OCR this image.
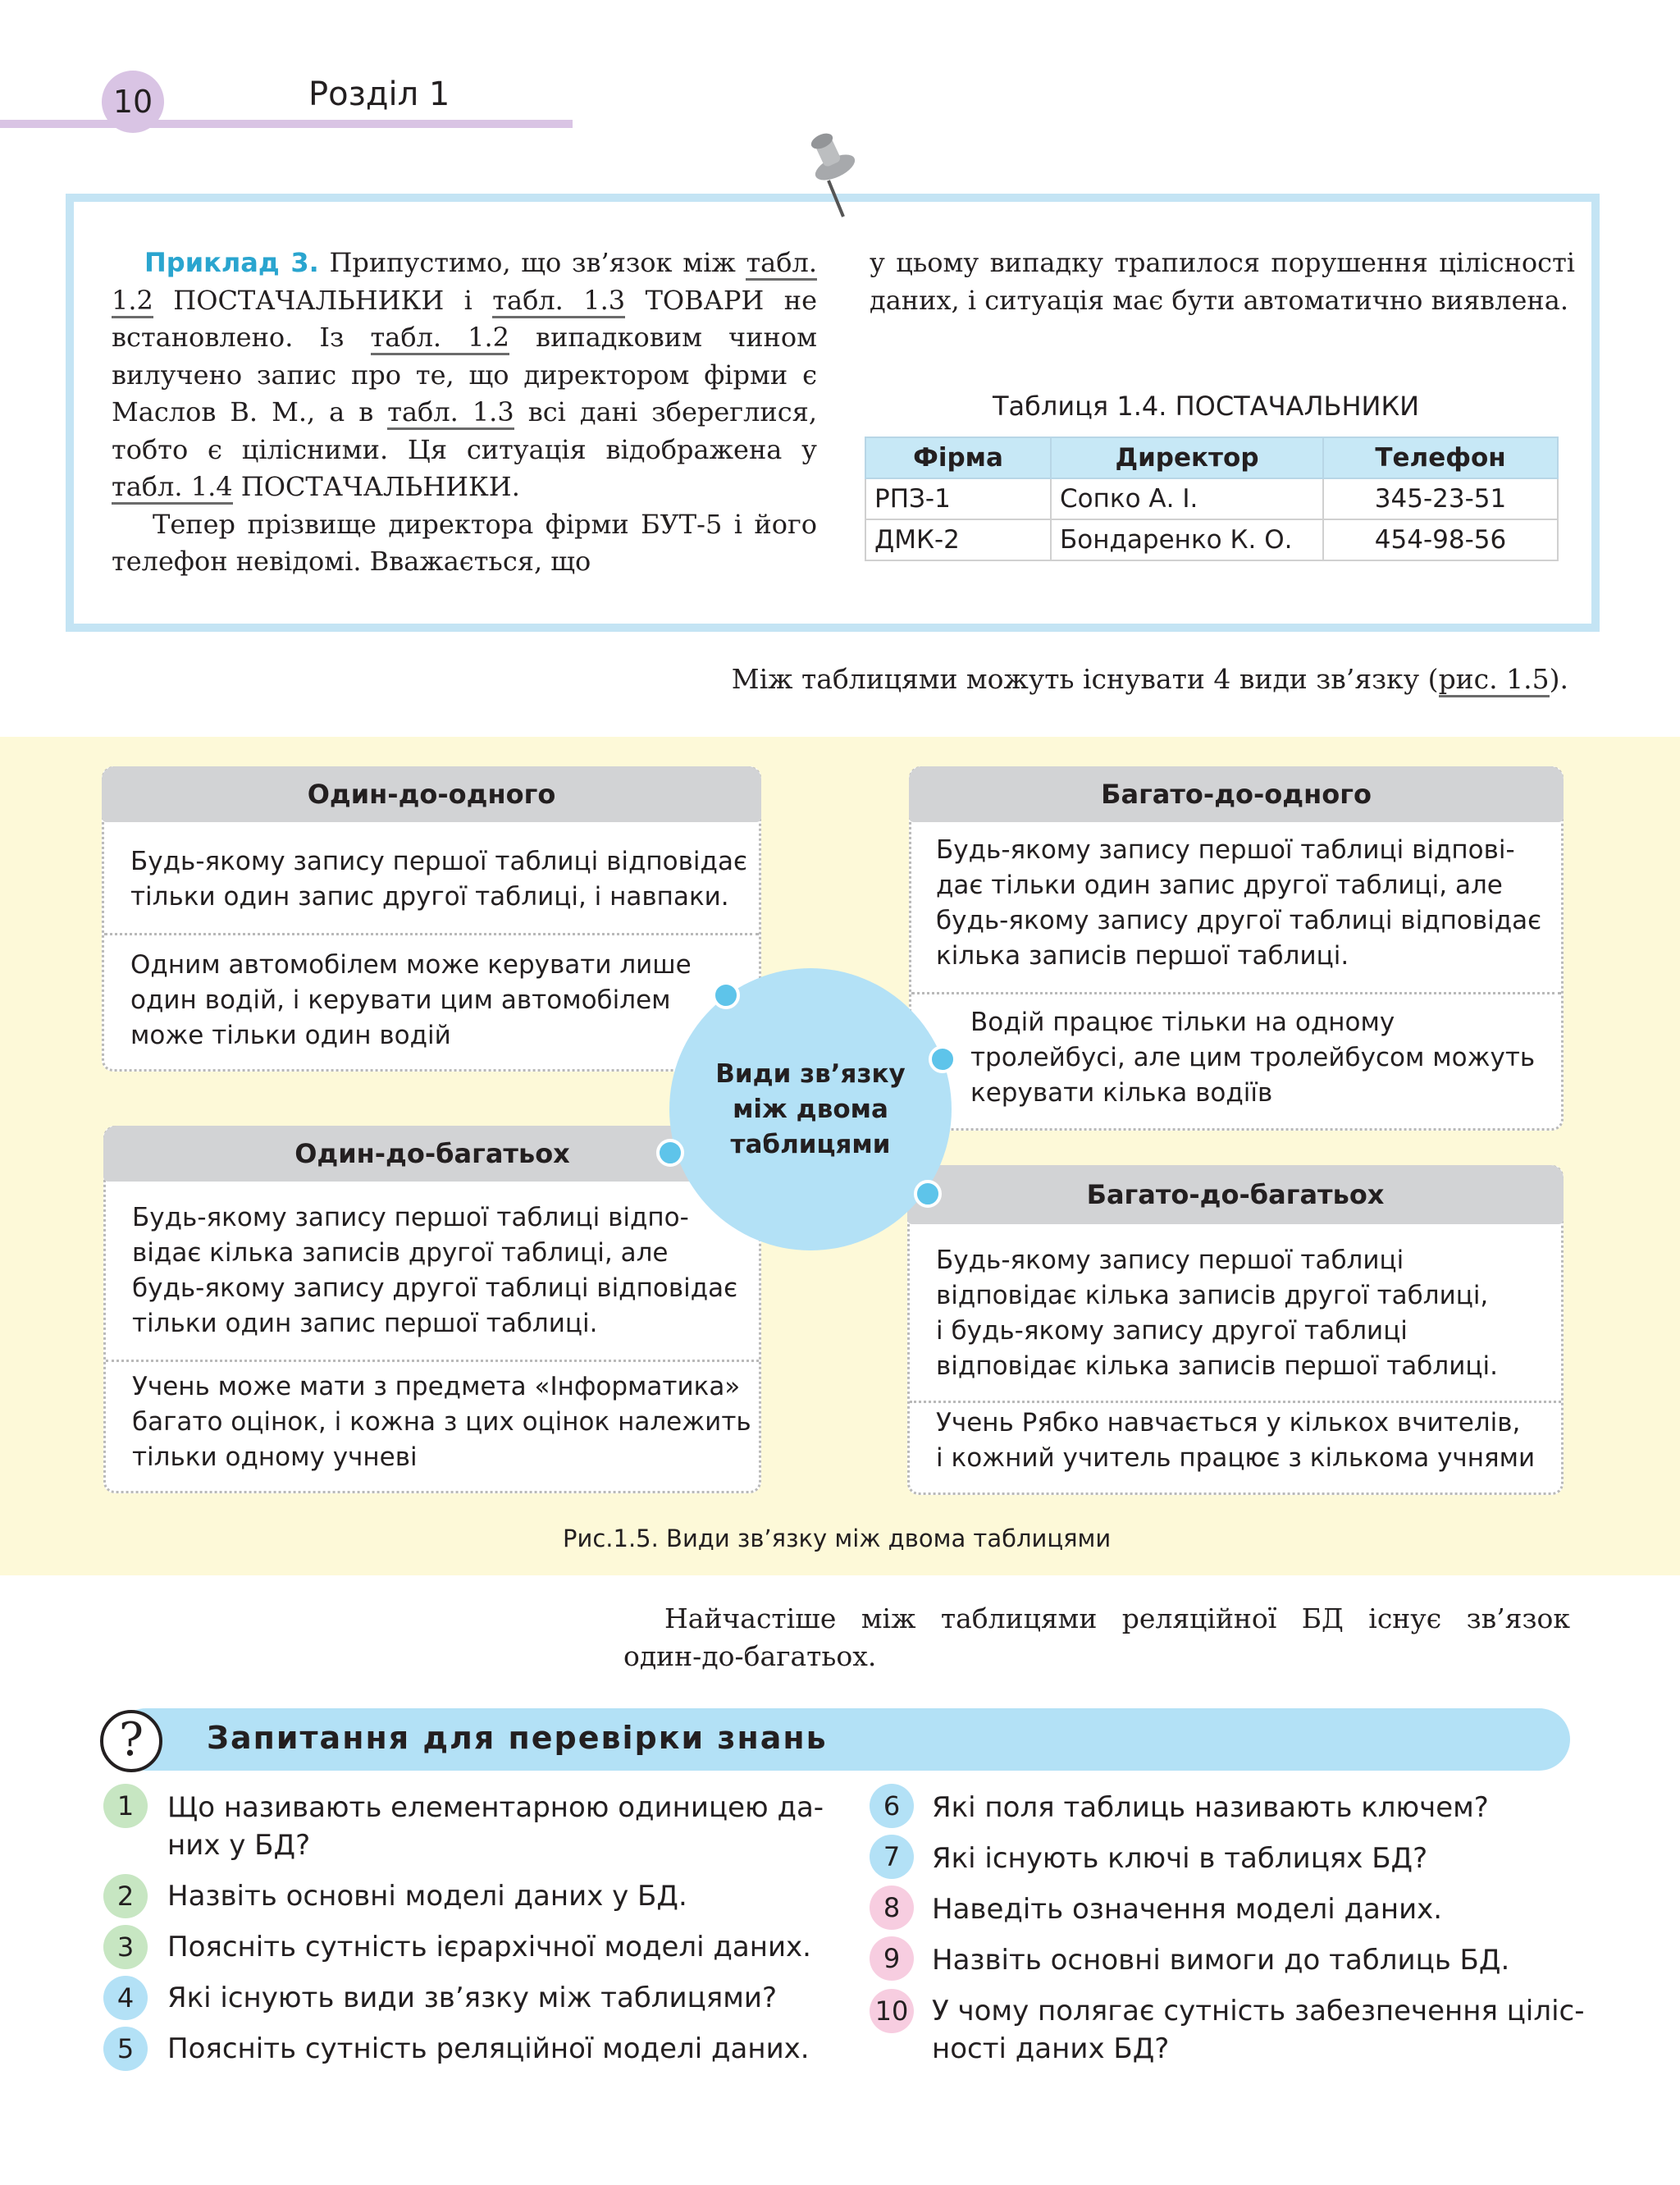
10	Розділ 1

Приклад 3. Припустимо, що зв’язок між табл. 1.2 ПОСТАЧАЛЬНИКИ і табл. 1.3 ТОВАРИ не встановлено. Із табл. 1.2 випадковим чином вилучено запис про те, що директором фірми є Маслов В. М., а в табл. 1.3 всі дані збереглися, тобто є цілісними. Ця ситуація відображена у табл. 1.4 ПОСТАЧАЛЬНИКИ.

Тепер прізвище директора фірми БУТ-5 і його телефон невідомі. Вважається, що

у цьому випадку трапилося порушення цілісності даних, і ситуація має бути автоматично виявлена.
Таблиця 1.4. ПОСТАЧАЛЬНИКИ
Фірма	Директор	Телефон
РПЗ-1	Сопко А. І.	345-23-51
ДМК-2	Бондаренко К. О.	454-98-56
Між таблицями можуть існувати 4 види зв’язку (рис. 1.5).
Один-до-одного
Будь-якому запису першої таблиці відповідає
тільки один запис другої таблиці, і навпаки.
Одним автомобілем може керувати лише
один водій, і керувати цим автомобілем
може тільки один водій
Багато-до-одного
Будь-якому запису першої таблиці відпові-
дає тільки один запис другої таблиці, але
будь-якому запису другої таблиці відповідає
кілька записів першої таблиці.
Водій працює тільки на одному
тролейбусі, але цим тролейбусом можуть
керувати кілька водіїв
Один-до-багатьох
Будь-якому запису першої таблиці відпо-
відає кілька записів другої таблиці, але
будь-якому запису другої таблиці відповідає
тільки один запис першої таблиці.
Учень може мати з предмета «Інформатика»
багато оцінок, і кожна з цих оцінок належить
тільки одному учневі
Багато-до-багатьох
Будь-якому запису першої таблиці
відповідає кілька записів другої таблиці,
і будь-якому запису другої таблиці
відповідає кілька записів першої таблиці.
Учень Рябко навчається у кількох вчителів,
і кожний учитель працює з кількома учнями
Види зв’язку
між двома
таблицями
Рис.1.5. Види зв’язку між двома таблицями
Найчастіше між таблицями реляційної БД існує зв’язок
один-до-багатьох.
?	Запитання для перевірки знань
1	Що називають елементарною одиницею да-
них у БД?
2	Назвіть основні моделі даних у БД.
3	Поясніть сутність ієрархічної моделі даних.
4	Які існують види зв’язку між таблицями?
5	Поясніть сутність реляційної моделі даних.
6	Які поля таблиць називають ключем?
7	Які існують ключі в таблицях БД?
8	Наведіть означення моделі даних.
9	Назвіть основні вимоги до таблиць БД.
10 У чому полягає сутність забезпечення ціліс-
ності даних БД?
